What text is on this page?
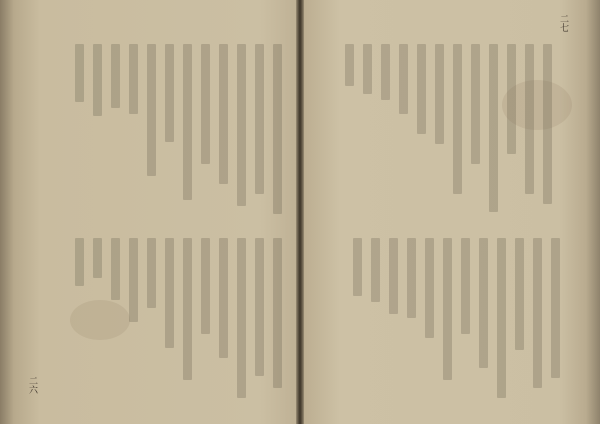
二六
二七
